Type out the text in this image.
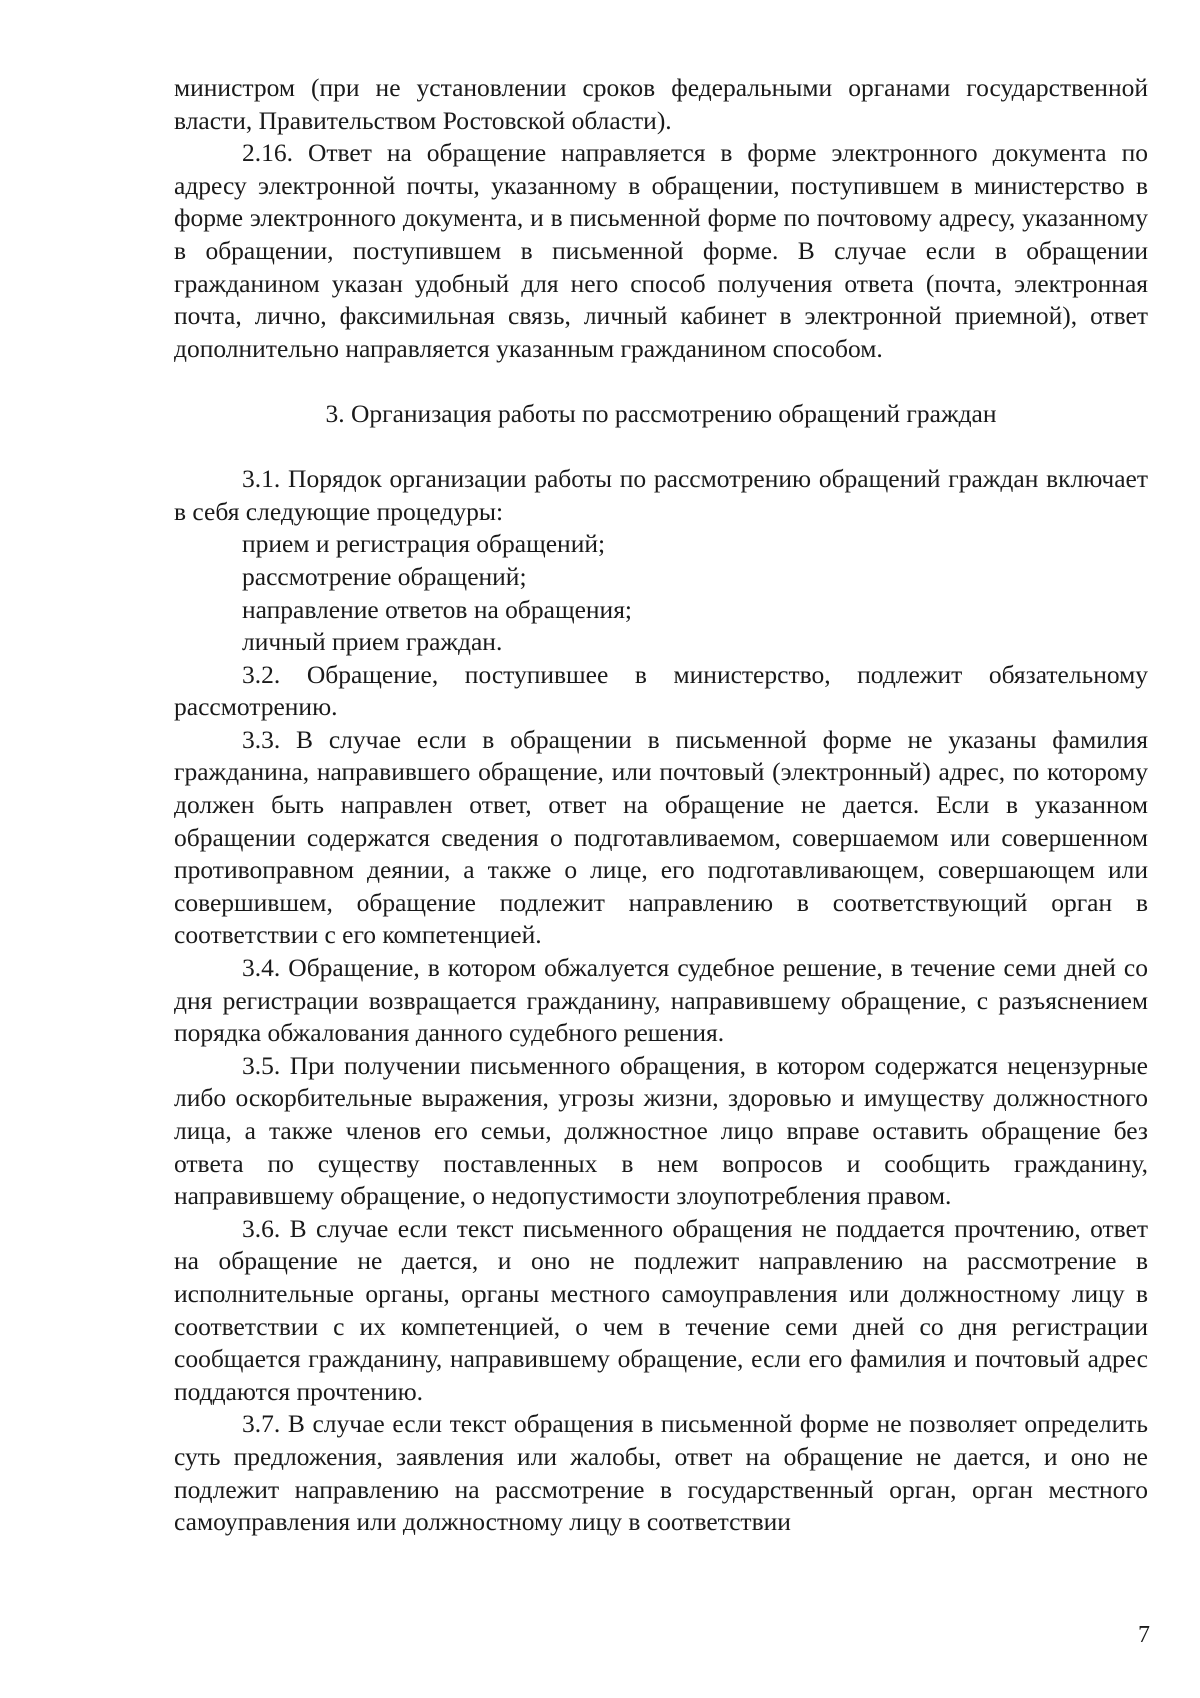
министром (при не установлении сроков федеральными органами государственной власти, Правительством Ростовской области).

2.16. Ответ на обращение направляется в форме электронного документа по адресу электронной почты, указанному в обращении, поступившем в министерство в форме электронного документа, и в письменной форме по почтовому адресу, указанному в обращении, поступившем в письменной форме. В случае если в обращении гражданином указан удобный для него способ получения ответа (почта, электронная почта, лично, факсимильная связь, личный кабинет в электронной приемной), ответ дополнительно направляется указанным гражданином способом.

3. Организация работы по рассмотрению обращений граждан

3.1. Порядок организации работы по рассмотрению обращений граждан включает в себя следующие процедуры:

прием и регистрация обращений;

рассмотрение обращений;

направление ответов на обращения;

личный прием граждан.

3.2. Обращение, поступившее в министерство, подлежит обязательному рассмотрению.

3.3. В случае если в обращении в письменной форме не указаны фамилия гражданина, направившего обращение, или почтовый (электронный) адрес, по которому должен быть направлен ответ, ответ на обращение не дается. Если в указанном обращении содержатся сведения о подготавливаемом, совершаемом или совершенном противоправном деянии, а также о лице, его подготавливающем, совершающем или совершившем, обращение подлежит направлению в соответствующий орган в соответствии с его компетенцией.

3.4. Обращение, в котором обжалуется судебное решение, в течение семи дней со дня регистрации возвращается гражданину, направившему обращение, с разъяснением порядка обжалования данного судебного решения.

3.5. При получении письменного обращения, в котором содержатся нецензурные либо оскорбительные выражения, угрозы жизни, здоровью и имуществу должностного лица, а также членов его семьи, должностное лицо вправе оставить обращение без ответа по существу поставленных в нем вопросов и сообщить гражданину, направившему обращение, о недопустимости злоупотребления правом.

3.6. В случае если текст письменного обращения не поддается прочтению, ответ на обращение не дается, и оно не подлежит направлению на рассмотрение в исполнительные органы, органы местного самоуправления или должностному лицу в соответствии с их компетенцией, о чем в течение семи дней со дня регистрации сообщается гражданину, направившему обращение, если его фамилия и почтовый адрес поддаются прочтению.

3.7. В случае если текст обращения в письменной форме не позволяет определить суть предложения, заявления или жалобы, ответ на обращение не дается, и оно не подлежит направлению на рассмотрение в государственный орган, орган местного самоуправления или должностному лицу в соответствии

7
